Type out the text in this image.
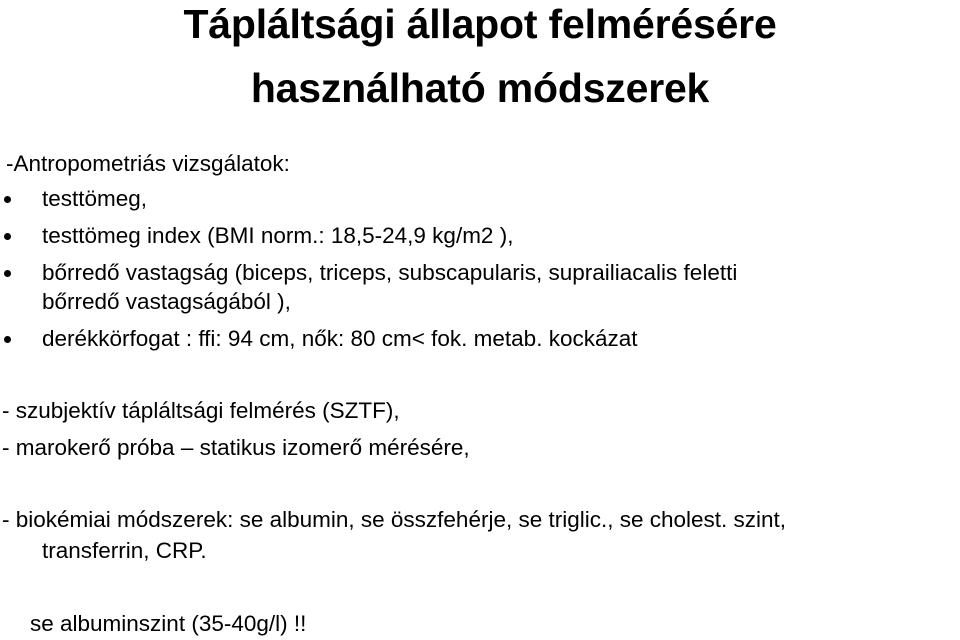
Tápláltsági állapot felmérésére
használható módszerek
-Antropometriás vizsgálatok:
testtömeg,
testtömeg index (BMI norm.: 18,5-24,9 kg/m2 ),
bőrredő vastagság (biceps, triceps, subscapularis, suprailiacalis feletti
bőrredő vastagságából ),
derékkörfogat : ffi: 94 cm, nők: 80 cm< fok. metab. kockázat
- szubjektív tápláltsági felmérés (SZTF),
- marokerő próba – statikus izomerő mérésére,
- biokémiai módszerek: se albumin, se összfehérje, se triglic., se cholest. szint,
transferrin, CRP.
se albuminszint (35-40g/l) !!
